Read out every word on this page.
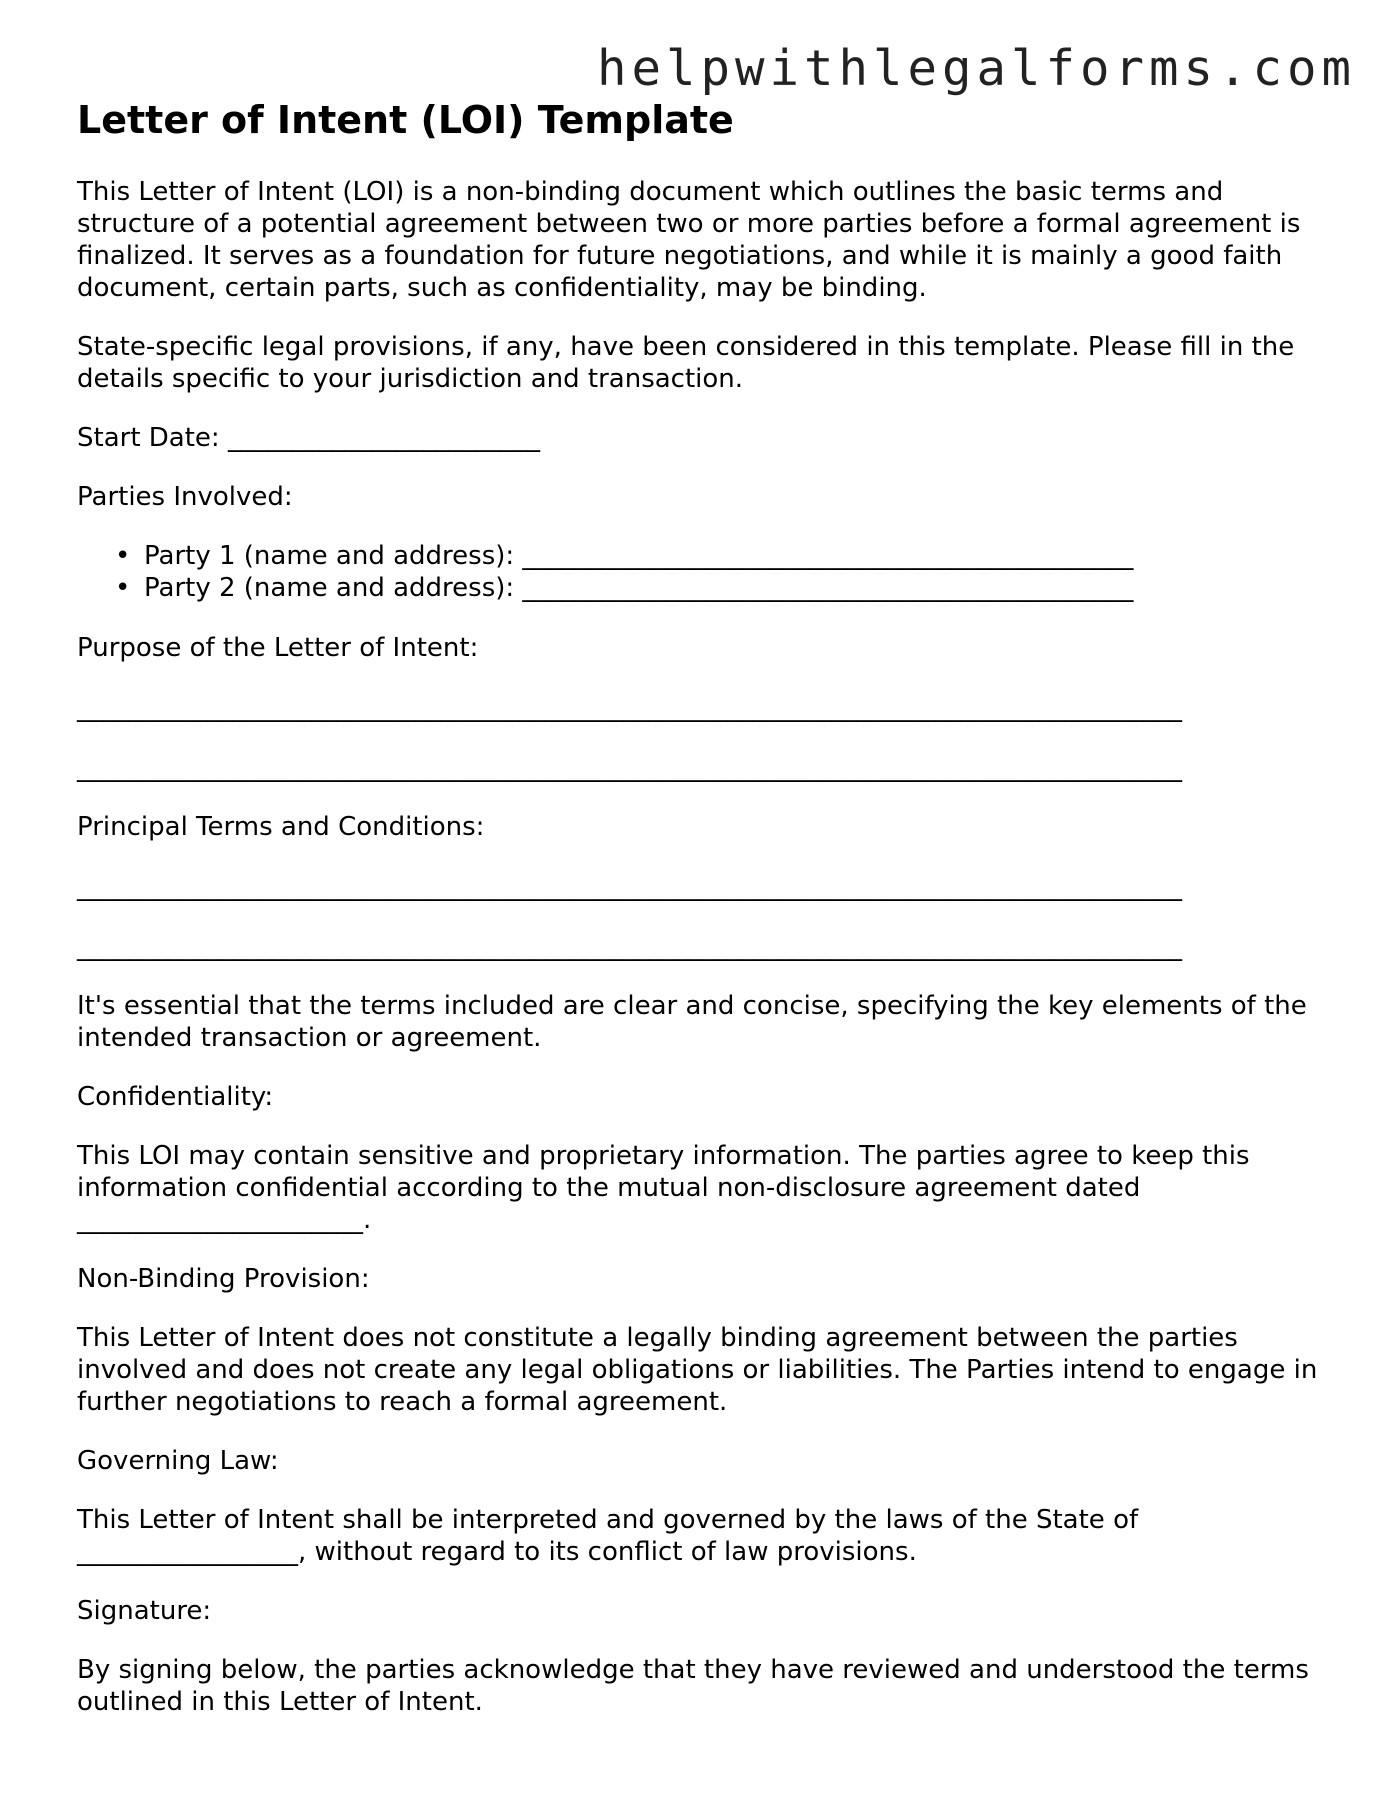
helpwithlegalforms.com
Letter of Intent (LOI) Template

This Letter of Intent (LOI) is a non-binding document which outlines the basic terms and structure of a potential agreement between two or more parties before a formal agreement is finalized. It serves as a foundation for future negotiations, and while it is mainly a good faith document, certain parts, such as confidentiality, may be binding.

State-specific legal provisions, if any, have been considered in this template. Please fill in the details specific to your jurisdiction and transaction.

Start Date: ________________________

Parties Involved:

• Party 1 (name and address): _______________________________________________
• Party 2 (name and address): _______________________________________________

Purpose of the Letter of Intent:

_____________________________________________________________________________________
_____________________________________________________________________________________

Principal Terms and Conditions:

_____________________________________________________________________________________
_____________________________________________________________________________________

It's essential that the terms included are clear and concise, specifying the key elements of the intended transaction or agreement.

Confidentiality:

This LOI may contain sensitive and proprietary information. The parties agree to keep this information confidential according to the mutual non-disclosure agreement dated ______________________.

Non-Binding Provision:

This Letter of Intent does not constitute a legally binding agreement between the parties involved and does not create any legal obligations or liabilities. The Parties intend to engage in further negotiations to reach a formal agreement.

Governing Law:

This Letter of Intent shall be interpreted and governed by the laws of the State of _________________, without regard to its conflict of law provisions.

Signature:

By signing below, the parties acknowledge that they have reviewed and understood the terms outlined in this Letter of Intent.
